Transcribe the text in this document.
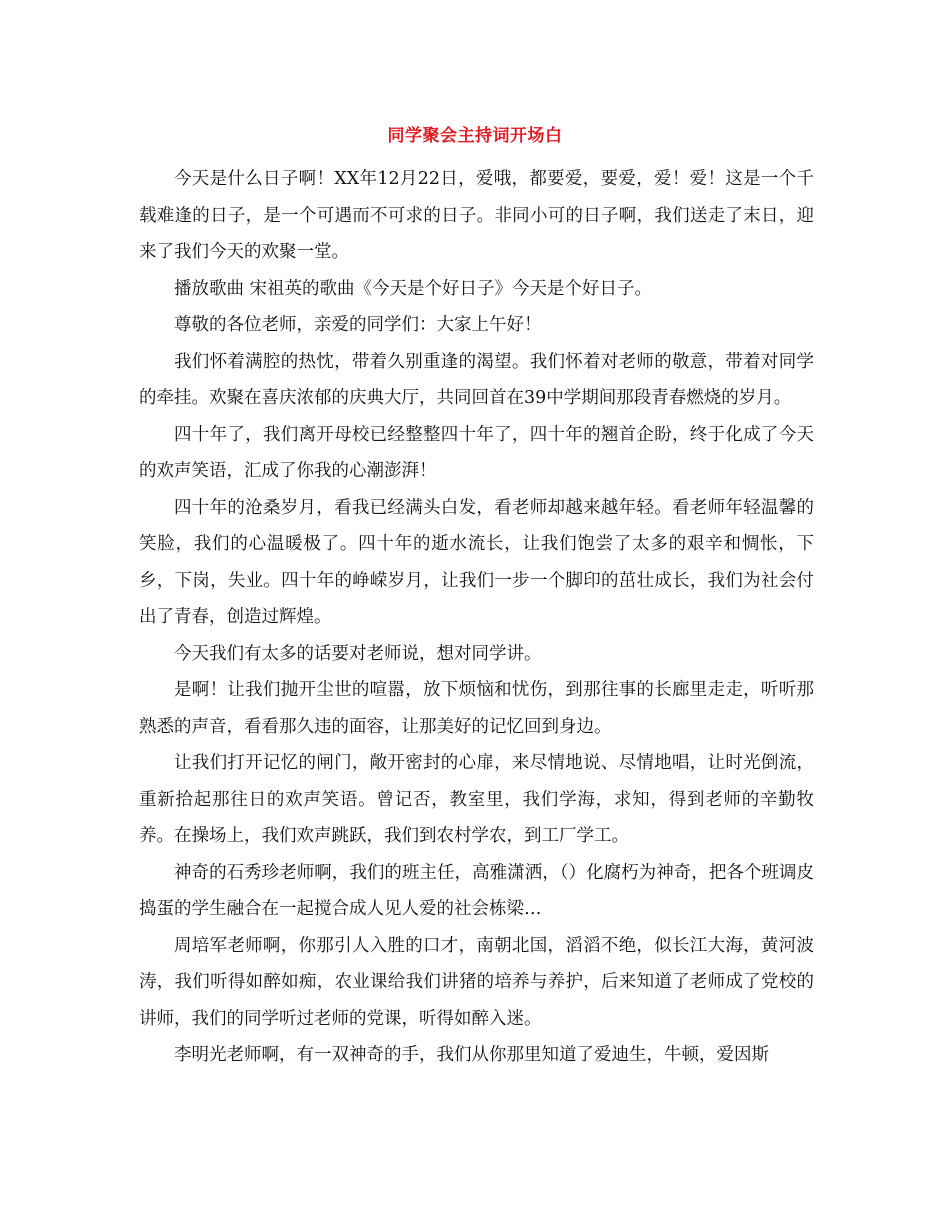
同学聚会主持词开场白

今天是什么日子啊！XX年12月22日，爱哦，都要爱，要爱，爱！爱！这是一个千载难逢的日子，是一个可遇而不可求的日子。非同小可的日子啊，我们送走了末日，迎来了我们今天的欢聚一堂。

播放歌曲 宋祖英的歌曲《今天是个好日子》今天是个好日子。

尊敬的各位老师，亲爱的同学们：大家上午好！

我们怀着满腔的热忱，带着久别重逢的渴望。我们怀着对老师的敬意，带着对同学的牵挂。欢聚在喜庆浓郁的庆典大厅，共同回首在39中学期间那段青春燃烧的岁月。

四十年了，我们离开母校已经整整四十年了，四十年的翘首企盼，终于化成了今天的欢声笑语，汇成了你我的心潮澎湃！

四十年的沧桑岁月，看我已经满头白发，看老师却越来越年轻。看老师年轻温馨的笑脸，我们的心温暖极了。四十年的逝水流长，让我们饱尝了太多的艰辛和惆怅，下乡，下岗，失业。四十年的峥嵘岁月，让我们一步一个脚印的茁壮成长，我们为社会付出了青春，创造过辉煌。

今天我们有太多的话要对老师说，想对同学讲。

是啊！让我们抛开尘世的喧嚣，放下烦恼和忧伤，到那往事的长廊里走走，听听那熟悉的声音，看看那久违的面容，让那美好的记忆回到身边。

让我们打开记忆的闸门，敞开密封的心扉，来尽情地说、尽情地唱，让时光倒流，重新拾起那往日的欢声笑语。曾记否，教室里，我们学海，求知，得到老师的辛勤牧养。在操场上，我们欢声跳跃，我们到农村学农，到工厂学工。

神奇的石秀珍老师啊，我们的班主任，高雅潇洒，（）化腐朽为神奇，把各个班调皮捣蛋的学生融合在一起搅合成人见人爱的社会栋梁…

周培军老师啊，你那引人入胜的口才，南朝北国，滔滔不绝，似长江大海，黄河波涛，我们听得如醉如痴，农业课给我们讲猪的培养与养护，后来知道了老师成了党校的讲师，我们的同学听过老师的党课，听得如醉入迷。

李明光老师啊，有一双神奇的手，我们从你那里知道了爱迪生，牛顿，爱因斯
